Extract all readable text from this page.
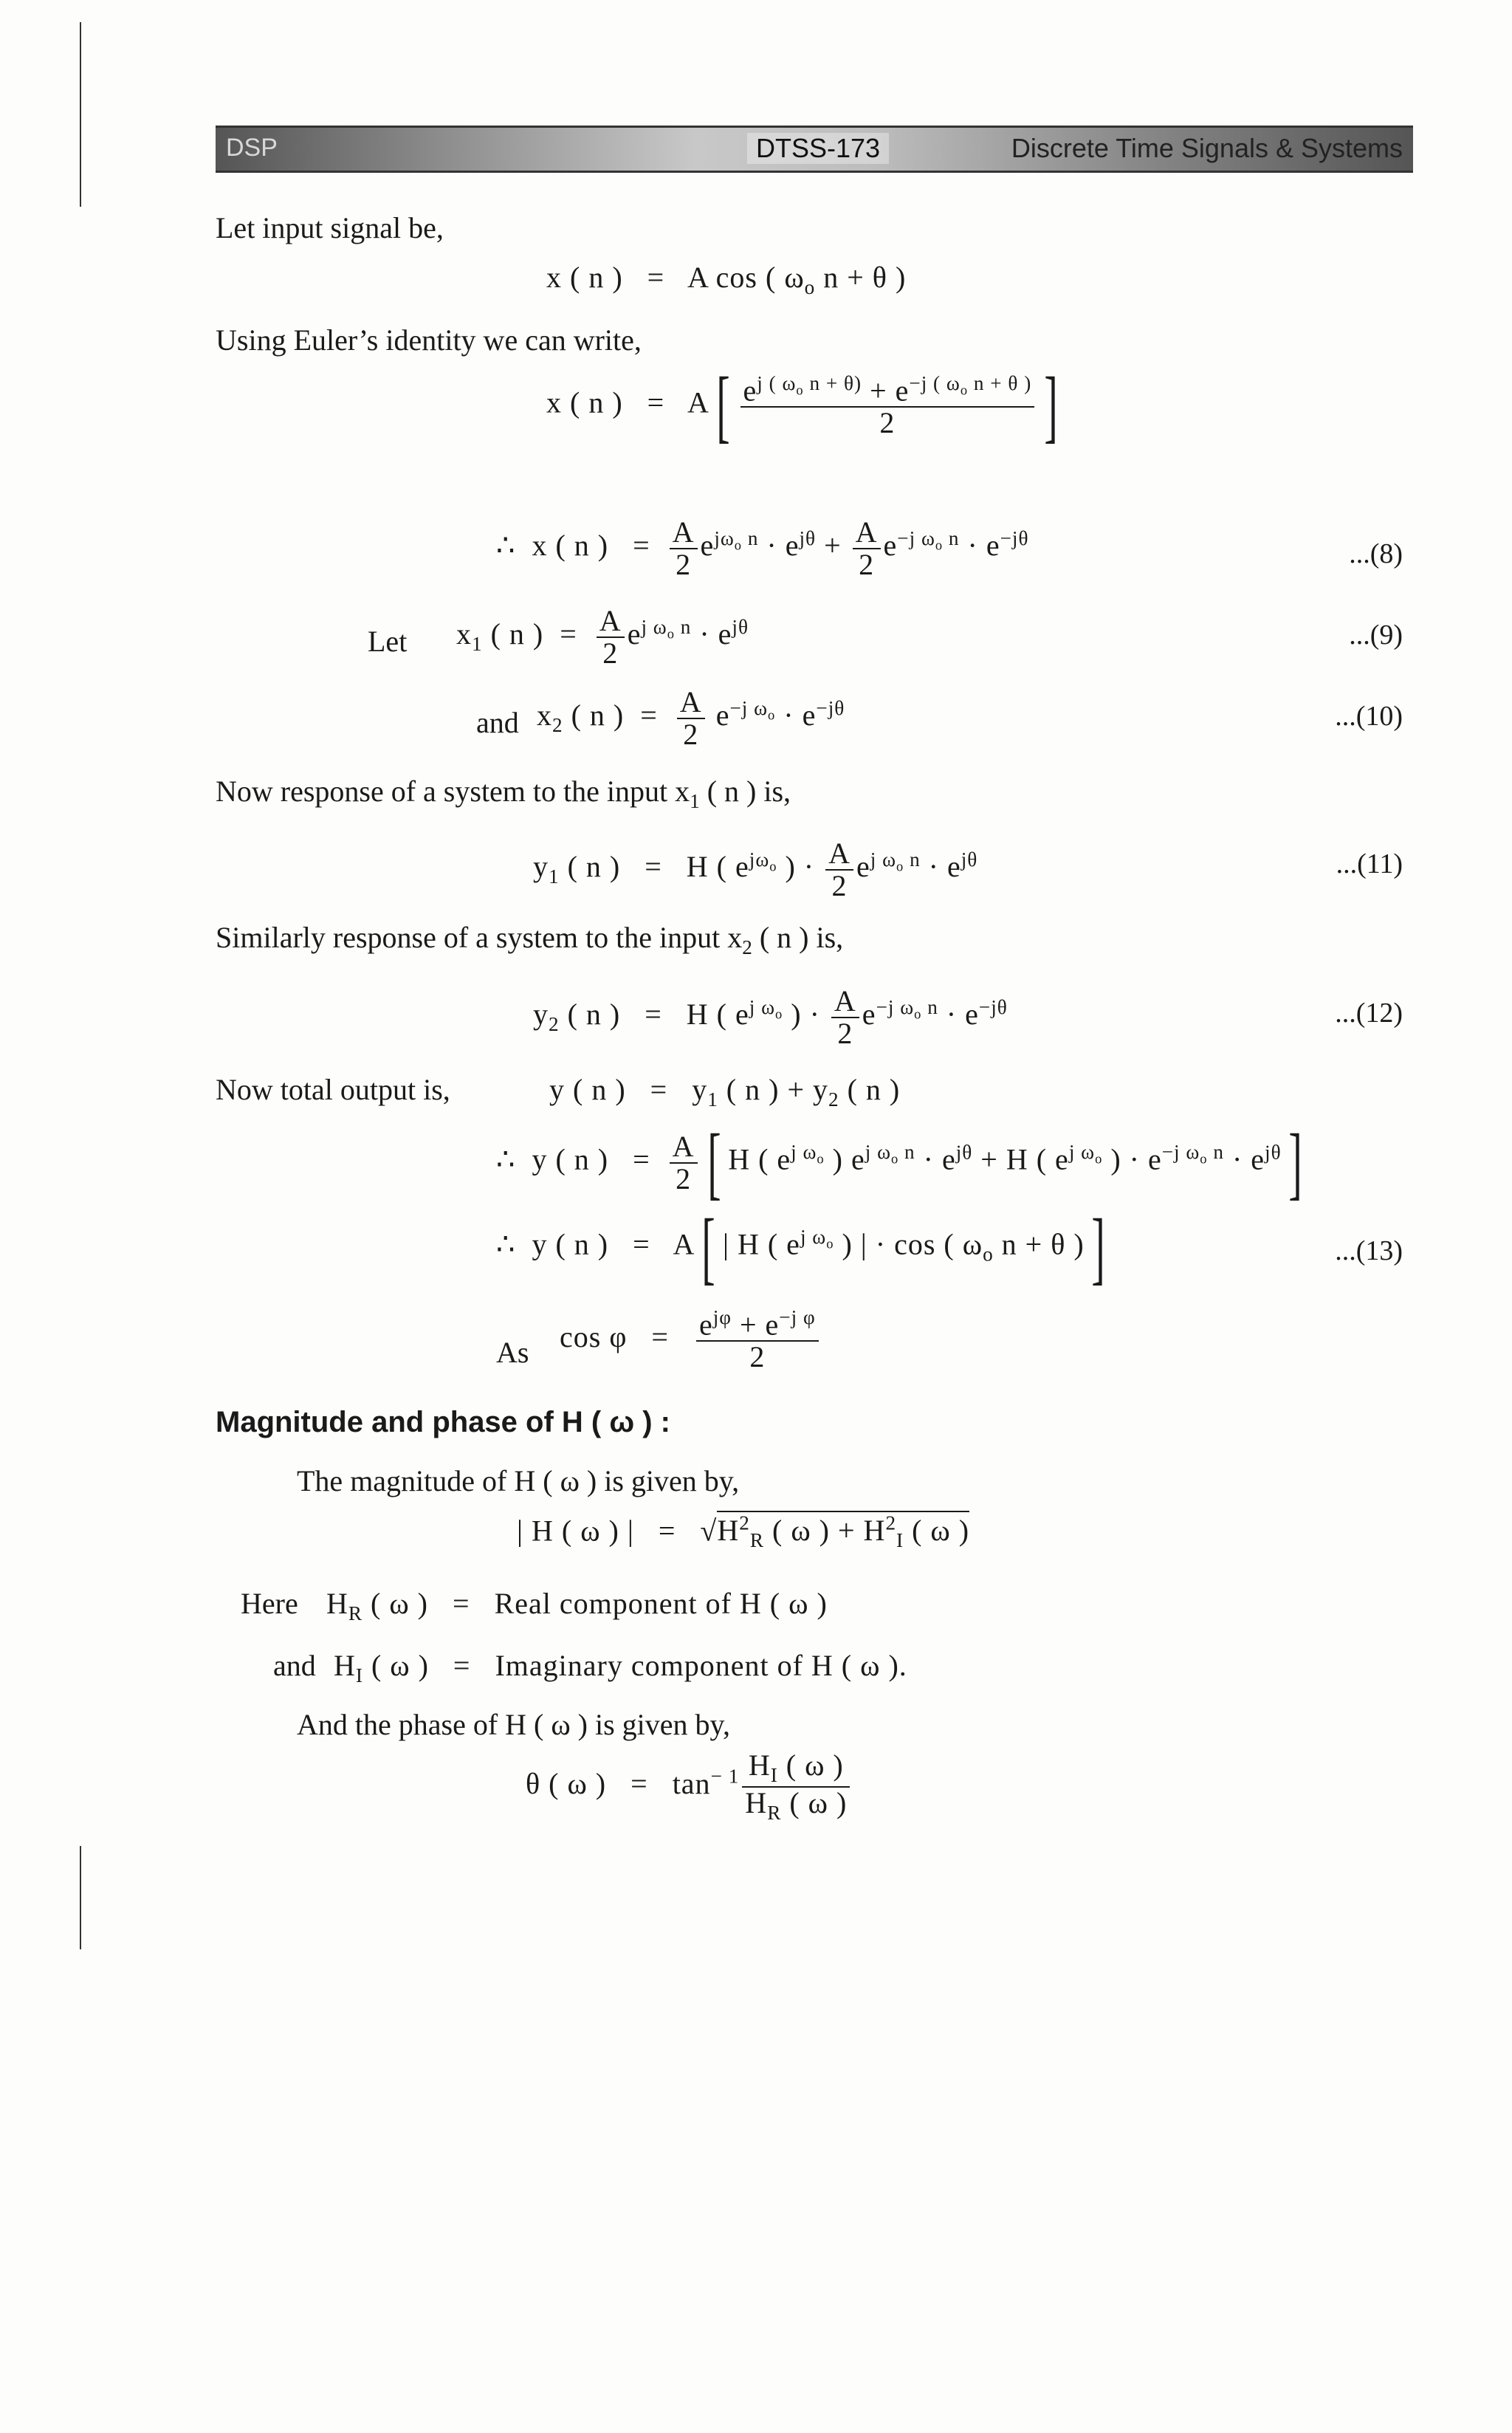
DSP	DTSS-173	Discrete Time Signals & Systems
Let input signal be,
x ( n )   =   A cos ( $\omega_o$ n + θ )
Using Euler’s identity we can write,
x ( n )   =   $A[ \frac{e^{j ( \omega_o n + \theta)} + e^{-j ( \omega_o n + \theta )}}{2}$ ]
∴  x ( n )   = $\frac{A}{2} e^{j\omega_o n} \cdot e^{j\theta} + \frac{A}{2} e^{-j \omega_o n} \cdot e^{-j\theta}$
...(8)
Let $x_1$ ( n )  = $\frac{A}{2} e^{j \omega_o n} \cdot e^{j\theta}$	...(9)
and $x_2$ ( n )  = $\frac{A}{2} e^{-j \omega_o} \cdot e^{-j\theta}$	...(10)
Now response of a system to the input $x_1$ ( n ) is,
$y_1$ ( n )   =   H ( $e^{j\omega_o}$ ) · $\frac{A}{2} e^{j \omega_o n} \cdot e^{j\theta}$	...(11)
Similarly response of a system to the input $x_2$ ( n ) is,
$y_2$ ( n )   =   H ( $e^{j \omega_o}$ ) · $\frac{A}{2} e^{-j \omega_o n} \cdot e^{-j\theta}$	...(12)
Now total output is,	y ( n )   =   $y_1$ ( n ) + $y_2$ ( n )
∴  y ( n )   = $\frac{A}{2}$ [ H ( $e^{j \omega_o}$ ) $e^{j \omega_o n} \cdot e^{j\theta} + H$ ( $e^{j \omega_o}$ ) · $e^{-j \omega_o n} \cdot e^{j\theta}$]
∴  y ( n )   =   A[ | H ( $e^{j \omega_o}$ ) | · cos ( $\omega_o$ n + θ )]	...(13)
As $\cos \varphi = \frac{e^{j\varphi} + e^{-j \varphi}}{2}$
Magnitude and phase of H ( ω ) :
The magnitude of H ( ω ) is given by,
| H ( ω ) |   =   $√H^2_R$ ( ω ) + $H^2_I$ ( ω )
Here $H_R$ ( ω )   =   Real component of H ( ω )
and $H_I$ ( ω )   =   Imaginary component of H ( ω ).
And the phase of H ( ω ) is given by,
θ ( ω )   =   $\tan^{- 1} \frac{H_I ( \omega )}{H_R ( \omega )}$
